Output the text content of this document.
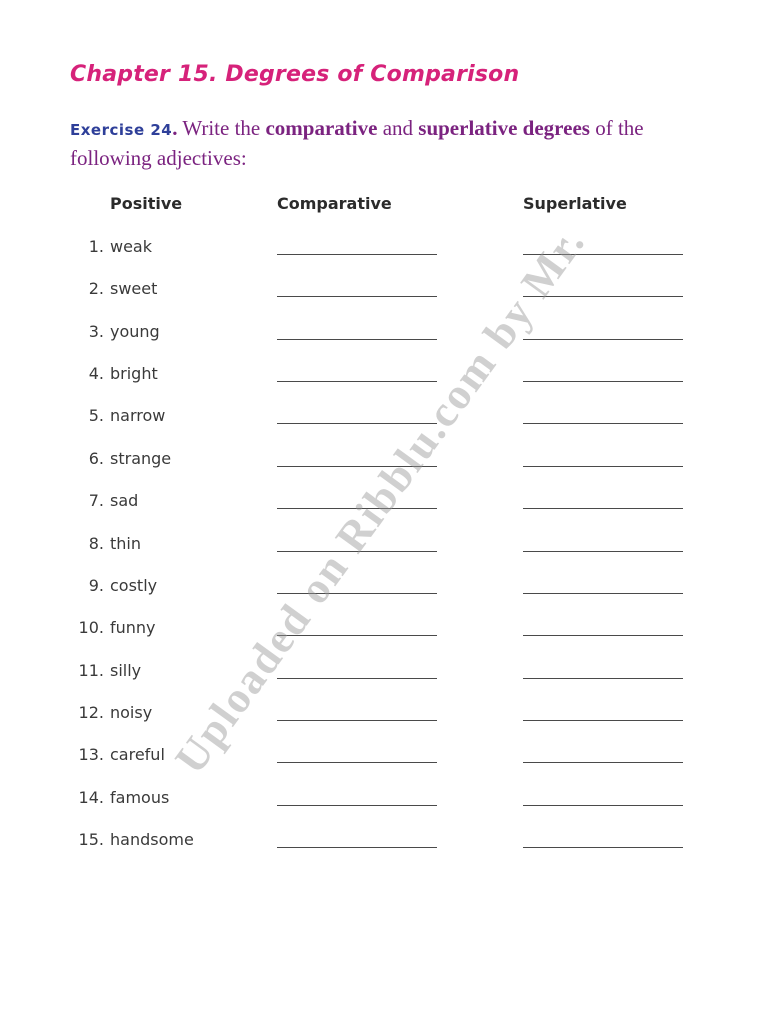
Chapter 15. Degrees of Comparison
Exercise 24. Write the comparative and superlative degrees of the following adjectives:
Positive	Comparative	Superlative
1. weak
2. sweet
3. young
4. bright
5. narrow
6. strange
7. sad
8. thin
9. costly
10. funny
11. silly
12. noisy
13. careful
14. famous
15. handsome
Uploaded on Ribblu.com by Mr.
